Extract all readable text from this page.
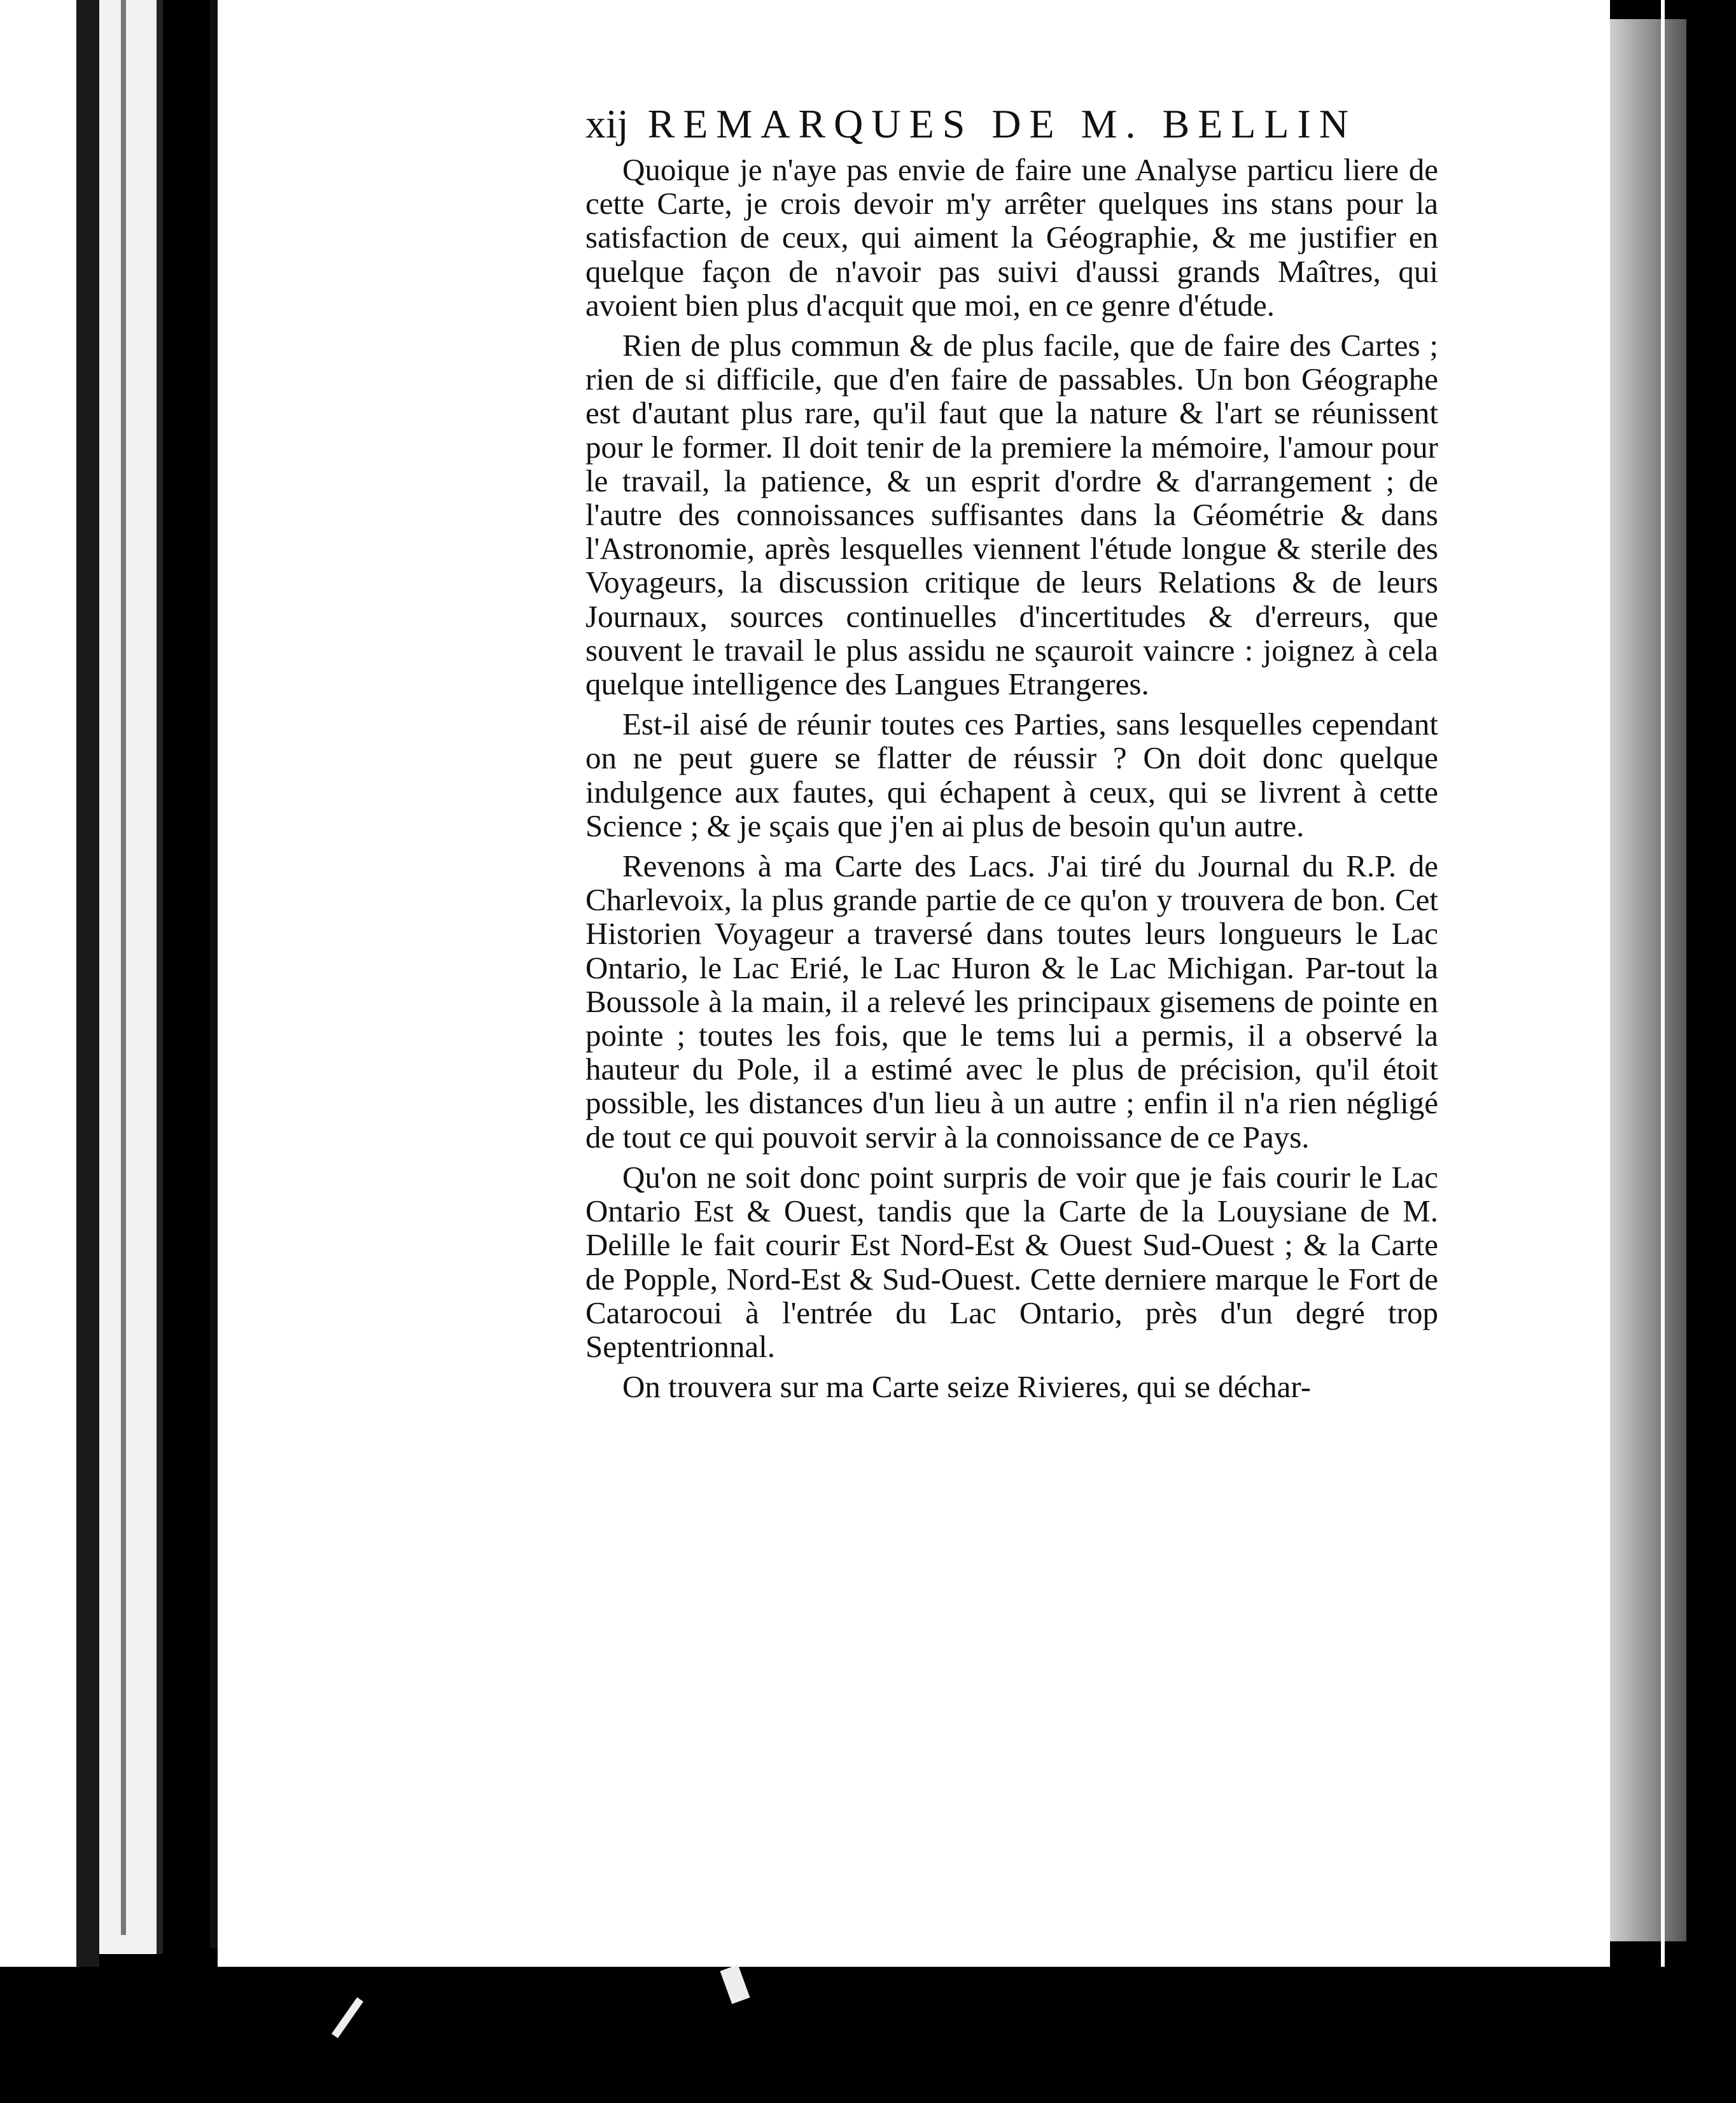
xij REMARQUES DE M. BELLIN

Quoique je n'aye pas envie de faire une Analyse particu liere de cette Carte, je crois devoir m'y arrêter quelques ins stans pour la satisfaction de ceux, qui aiment la Géographie, & me justifier en quelque façon de n'avoir pas suivi d'aussi grands Maîtres, qui avoient bien plus d'acquit que moi, en ce genre d'étude.

Rien de plus commun & de plus facile, que de faire des Cartes ; rien de si difficile, que d'en faire de passables. Un bon Géographe est d'autant plus rare, qu'il faut que la nature & l'art se réunissent pour le former. Il doit tenir de la premiere la mémoire, l'amour pour le travail, la patience, & un esprit d'ordre & d'arrangement ; de l'autre des connoissances suffisantes dans la Géométrie & dans l'Astronomie, après lesquelles viennent l'étude longue & sterile des Voyageurs, la discussion critique de leurs Relations & de leurs Journaux, sources continuelles d'incertitudes & d'erreurs, que souvent le travail le plus assidu ne sçauroit vaincre : joignez à cela quelque intelligence des Langues Etrangeres.

Est-il aisé de réunir toutes ces Parties, sans lesquelles cependant on ne peut guere se flatter de réussir ? On doit donc quelque indulgence aux fautes, qui échapent à ceux, qui se livrent à cette Science ; & je sçais que j'en ai plus de besoin qu'un autre.

Revenons à ma Carte des Lacs. J'ai tiré du Journal du R.P. de Charlevoix, la plus grande partie de ce qu'on y trouvera de bon. Cet Historien Voyageur a traversé dans toutes leurs longueurs le Lac Ontario, le Lac Erié, le Lac Huron & le Lac Michigan. Par-tout la Boussole à la main, il a relevé les principaux gisemens de pointe en pointe ; toutes les fois, que le tems lui a permis, il a observé la hauteur du Pole, il a estimé avec le plus de précision, qu'il étoit possible, les distances d'un lieu à un autre ; enfin il n'a rien négligé de tout ce qui pouvoit servir à la connoissance de ce Pays.

Qu'on ne soit donc point surpris de voir que je fais courir le Lac Ontario Est & Ouest, tandis que la Carte de la Louysiane de M. Delille le fait courir Est Nord-Est & Ouest Sud-Ouest ; & la Carte de Popple, Nord-Est & Sud-Ouest. Cette derniere marque le Fort de Catarocoui à l'entrée du Lac Ontario, près d'un degré trop Septentrionnal.

On trouvera sur ma Carte seize Rivieres, qui se déchar-
